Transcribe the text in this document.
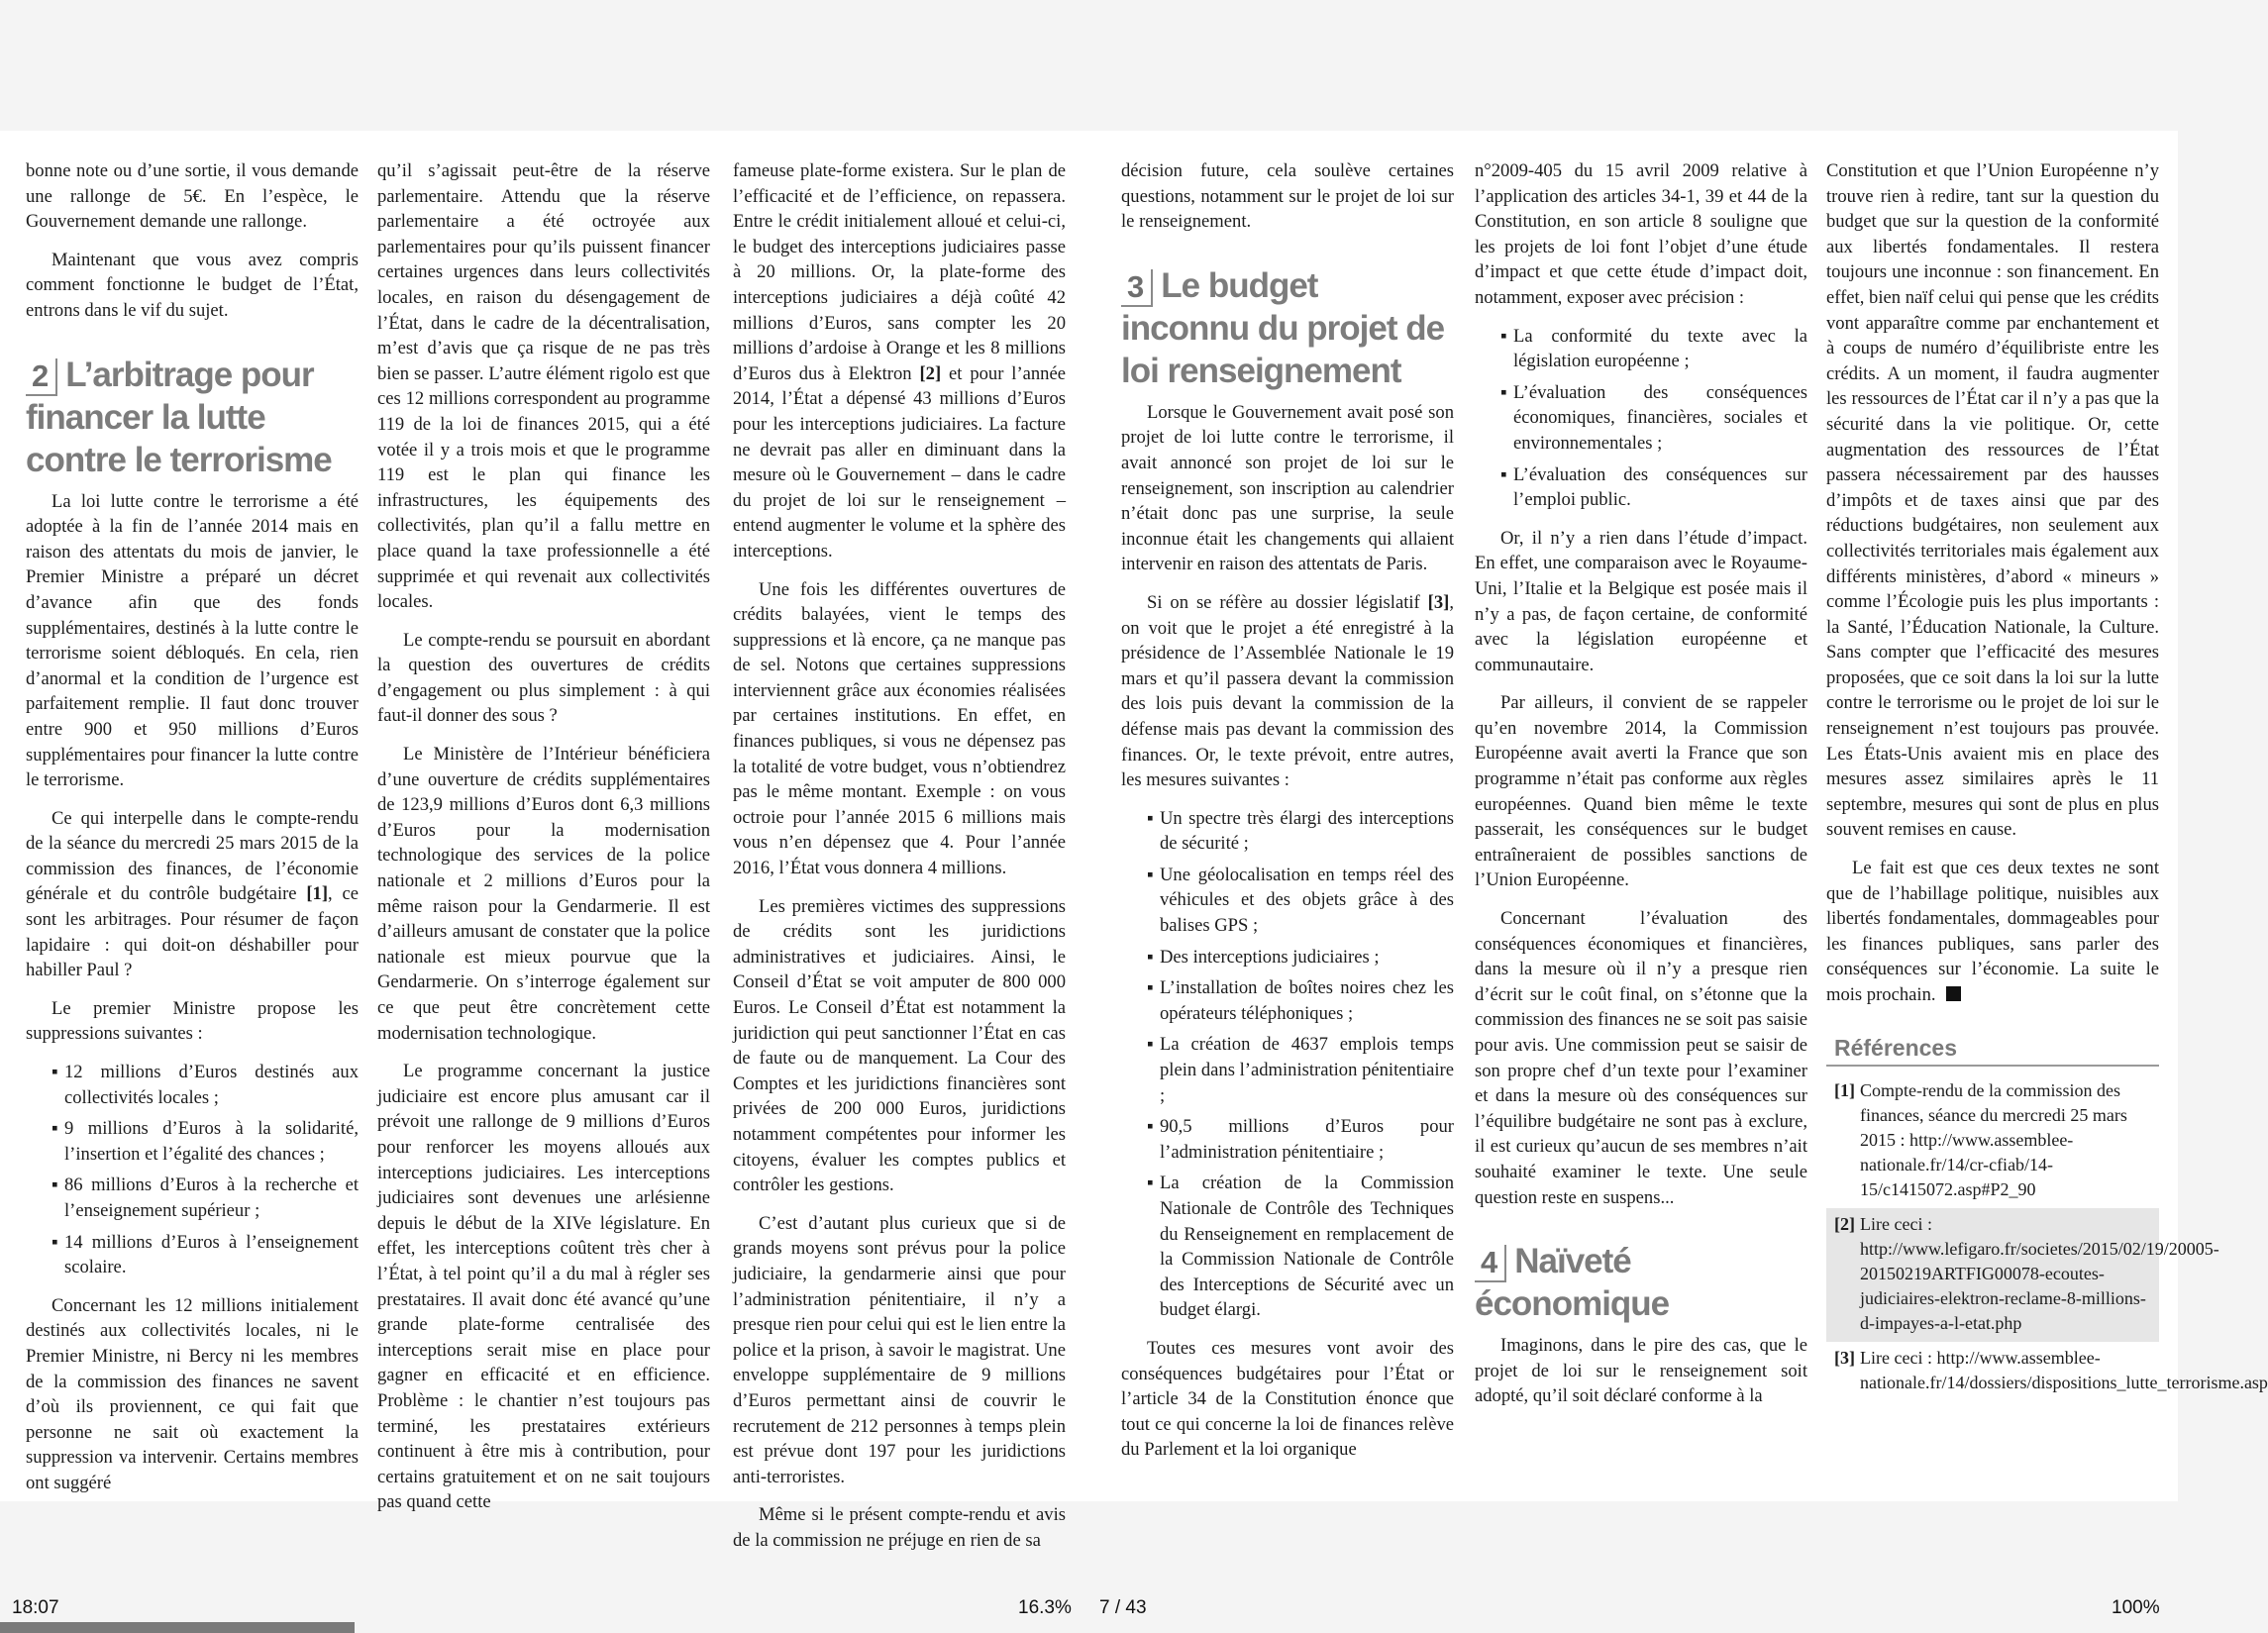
bonne note ou d’une sortie, il vous demande une rallonge de 5€. En l’espèce, le Gouvernement demande une rallonge.

Maintenant que vous avez compris comment fonctionne le budget de l’État, entrons dans le vif du sujet.

2 L’arbitrage pour financer la lutte contre le terrorisme

La loi lutte contre le terrorisme a été adoptée à la fin de l’année 2014 mais en raison des attentats du mois de janvier, le Premier Ministre a préparé un décret d’avance afin que des fonds supplémentaires, destinés à la lutte contre le terrorisme soient débloqués. En cela, rien d’anormal et la condition de l’urgence est parfaitement remplie. Il faut donc trouver entre 900 et 950 millions d’Euros supplémentaires pour financer la lutte contre le terrorisme.

Ce qui interpelle dans le compte-rendu de la séance du mercredi 25 mars 2015 de la commission des finances, de l’économie générale et du contrôle budgétaire [1], ce sont les arbitrages. Pour résumer de façon lapidaire : qui doit-on déshabiller pour habiller Paul ?

Le premier Ministre propose les suppressions suivantes :

▪ 12 millions d’Euros destinés aux collectivités locales ;
▪ 9 millions d’Euros à la solidarité, l’insertion et l’égalité des chances ;
▪ 86 millions d’Euros à la recherche et l’enseignement supérieur ;
▪ 14 millions d’Euros à l’enseignement scolaire.

Concernant les 12 millions initialement destinés aux collectivités locales, ni le Premier Ministre, ni Bercy ni les membres de la commission des finances ne savent d’où ils proviennent, ce qui fait que personne ne sait où exactement la suppression va intervenir. Certains membres ont suggéré

qu’il s’agissait peut-être de la réserve parlementaire. Attendu que la réserve parlementaire a été octroyée aux parlementaires pour qu’ils puissent financer certaines urgences dans leurs collectivités locales, en raison du désengagement de l’État, dans le cadre de la décentralisation, m’est d’avis que ça risque de ne pas très bien se passer. L’autre élément rigolo est que ces 12 millions correspondent au programme 119 de la loi de finances 2015, qui a été votée il y a trois mois et que le programme 119 est le plan qui finance les infrastructures, les équipements des collectivités, plan qu’il a fallu mettre en place quand la taxe professionnelle a été supprimée et qui revenait aux collectivités locales.

Le compte-rendu se poursuit en abordant la question des ouvertures de crédits d’engagement ou plus simplement : à qui faut-il donner des sous ?

Le Ministère de l’Intérieur bénéficiera d’une ouverture de crédits supplémentaires de 123,9 millions d’Euros dont 6,3 millions d’Euros pour la modernisation technologique des services de la police nationale et 2 millions d’Euros pour la même raison pour la Gendarmerie. Il est d’ailleurs amusant de constater que la police nationale est mieux pourvue que la Gendarmerie. On s’interroge également sur ce que peut être concrètement cette modernisation technologique.

Le programme concernant la justice judiciaire est encore plus amusant car il prévoit une rallonge de 9 millions d’Euros pour renforcer les moyens alloués aux interceptions judiciaires. Les interceptions judiciaires sont devenues une arlésienne depuis le début de la XIVe législature. En effet, les interceptions coûtent très cher à l’État, à tel point qu’il a du mal à régler ses prestataires. Il avait donc été avancé qu’une grande plate-forme centralisée des interceptions serait mise en place pour gagner en efficacité et en efficience. Problème : le chantier n’est toujours pas terminé, les prestataires extérieurs continuent à être mis à contribution, pour certains gratuitement et on ne sait toujours pas quand cette

fameuse plate-forme existera. Sur le plan de l’efficacité et de l’efficience, on repassera. Entre le crédit initialement alloué et celui-ci, le budget des interceptions judiciaires passe à 20 millions. Or, la plate-forme des interceptions judiciaires a déjà coûté 42 millions d’Euros, sans compter les 20 millions d’ardoise à Orange et les 8 millions d’Euros dus à Elektron [2] et pour l’année 2014, l’État a dépensé 43 millions d’Euros pour les interceptions judiciaires. La facture ne devrait pas aller en diminuant dans la mesure où le Gouvernement – dans le cadre du projet de loi sur le renseignement – entend augmenter le volume et la sphère des interceptions.

Une fois les différentes ouvertures de crédits balayées, vient le temps des suppressions et là encore, ça ne manque pas de sel. Notons que certaines suppressions interviennent grâce aux économies réalisées par certaines institutions. En effet, en finances publiques, si vous ne dépensez pas la totalité de votre budget, vous n’obtiendrez pas le même montant. Exemple : on vous octroie pour l’année 2015 6 millions mais vous n’en dépensez que 4. Pour l’année 2016, l’État vous donnera 4 millions.

Les premières victimes des suppressions de crédits sont les juridictions administratives et judiciaires. Ainsi, le Conseil d’État se voit amputer de 800 000 Euros. Le Conseil d’État est notamment la juridiction qui peut sanctionner l’État en cas de faute ou de manquement. La Cour des Comptes et les juridictions financières sont privées de 200 000 Euros, juridictions notamment compétentes pour informer les citoyens, évaluer les comptes publics et contrôler les gestions.

C’est d’autant plus curieux que si de grands moyens sont prévus pour la police judiciaire, la gendarmerie ainsi que pour l’administration pénitentiaire, il n’y a presque rien pour celui qui est le lien entre la police et la prison, à savoir le magistrat. Une enveloppe supplémentaire de 9 millions d’Euros permettant ainsi de couvrir le recrutement de 212 personnes à temps plein est prévue dont 197 pour les juridictions anti-terroristes.

Même si le présent compte-rendu et avis de la commission ne préjuge en rien de sa

décision future, cela soulève certaines questions, notamment sur le projet de loi sur le renseignement.

3 Le budget inconnu du projet de loi renseignement

Lorsque le Gouvernement avait posé son projet de loi lutte contre le terrorisme, il avait annoncé son projet de loi sur le renseignement, son inscription au calendrier n’était donc pas une surprise, la seule inconnue était les changements qui allaient intervenir en raison des attentats de Paris.

Si on se réfère au dossier législatif [3], on voit que le projet a été enregistré à la présidence de l’Assemblée Nationale le 19 mars et qu’il passera devant la commission des lois puis devant la commission de la défense mais pas devant la commission des finances. Or, le texte prévoit, entre autres, les mesures suivantes :

▪ Un spectre très élargi des interceptions de sécurité ;
▪ Une géolocalisation en temps réel des véhicules et des objets grâce à des balises GPS ;
▪ Des interceptions judiciaires ;
▪ L’installation de boîtes noires chez les opérateurs téléphoniques ;
▪ La création de 4637 emplois temps plein dans l’administration pénitentiaire ;
▪ 90,5 millions d’Euros pour l’administration pénitentiaire ;
▪ La création de la Commission Nationale de Contrôle des Techniques du Renseignement en remplacement de la Commission Nationale de Contrôle des Interceptions de Sécurité avec un budget élargi.

Toutes ces mesures vont avoir des conséquences budgétaires pour l’État or l’article 34 de la Constitution énonce que tout ce qui concerne la loi de finances relève du Parlement et la loi organique

n°2009-405 du 15 avril 2009 relative à l’application des articles 34-1, 39 et 44 de la Constitution, en son article 8 souligne que les projets de loi font l’objet d’une étude d’impact et que cette étude d’impact doit, notamment, exposer avec précision :

▪ La conformité du texte avec la législation européenne ;
▪ L’évaluation des conséquences économiques, financières, sociales et environnementales ;
▪ L’évaluation des conséquences sur l’emploi public.

Or, il n’y a rien dans l’étude d’impact. En effet, une comparaison avec le Royaume-Uni, l’Italie et la Belgique est posée mais il n’y a pas, de façon certaine, de conformité avec la législation européenne et communautaire.

Par ailleurs, il convient de se rappeler qu’en novembre 2014, la Commission Européenne avait averti la France que son programme n’était pas conforme aux règles européennes. Quand bien même le texte passerait, les conséquences sur le budget entraîneraient de possibles sanctions de l’Union Européenne.

Concernant l’évaluation des conséquences économiques et financières, dans la mesure où il n’y a presque rien d’écrit sur le coût final, on s’étonne que la commission des finances ne se soit pas saisie pour avis. Une commission peut se saisir de son propre chef d’un texte pour l’examiner et dans la mesure où des conséquences sur l’équilibre budgétaire ne sont pas à exclure, il est curieux qu’aucun de ses membres n’ait souhaité examiner le texte. Une seule question reste en suspens...

4 Naïveté économique

Imaginons, dans le pire des cas, que le projet de loi sur le renseignement soit adopté, qu’il soit déclaré conforme à la

Constitution et que l’Union Européenne n’y trouve rien à redire, tant sur la question du budget que sur la question de la conformité aux libertés fondamentales. Il restera toujours une inconnue : son financement. En effet, bien naïf celui qui pense que les crédits vont apparaître comme par enchantement et à coups de numéro d’équilibriste entre les crédits. A un moment, il faudra augmenter les ressources de l’État car il n’y a pas que la sécurité dans la vie politique. Or, cette augmentation des ressources de l’État passera nécessairement par des hausses d’impôts et de taxes ainsi que par des réductions budgétaires, non seulement aux collectivités territoriales mais également aux différents ministères, d’abord « mineurs » comme l’Écologie puis les plus importants : la Santé, l’Éducation Nationale, la Culture. Sans compter que l’efficacité des mesures proposées, que ce soit dans la loi sur la lutte contre le terrorisme ou le projet de loi sur le renseignement n’est toujours pas prouvée. Les États-Unis avaient mis en place des mesures assez similaires après le 11 septembre, mesures qui sont de plus en plus souvent remises en cause.

Le fait est que ces deux textes ne sont que de l’habillage politique, nuisibles aux libertés fondamentales, dommageables pour les finances publiques, sans parler des conséquences sur l’économie. La suite le mois prochain.

Références
[1] Compte-rendu de la commission des finances, séance du mercredi 25 mars 2015 : http://www.assemblee-nationale.fr/14/cr-cfiab/14-15/c1415072.asp#P2_90
[2] Lire ceci : http://www.lefigaro.fr/societes/2015/02/19/20005-20150219ARTFIG00078-ecoutes-judiciaires-elektron-reclame-8-millions-d-impayes-a-l-etat.php
[3] Lire ceci : http://www.assemblee-nationale.fr/14/dossiers/dispositions_lutte_terrorisme.asp
18:07	16.3% 7 / 43	100%
